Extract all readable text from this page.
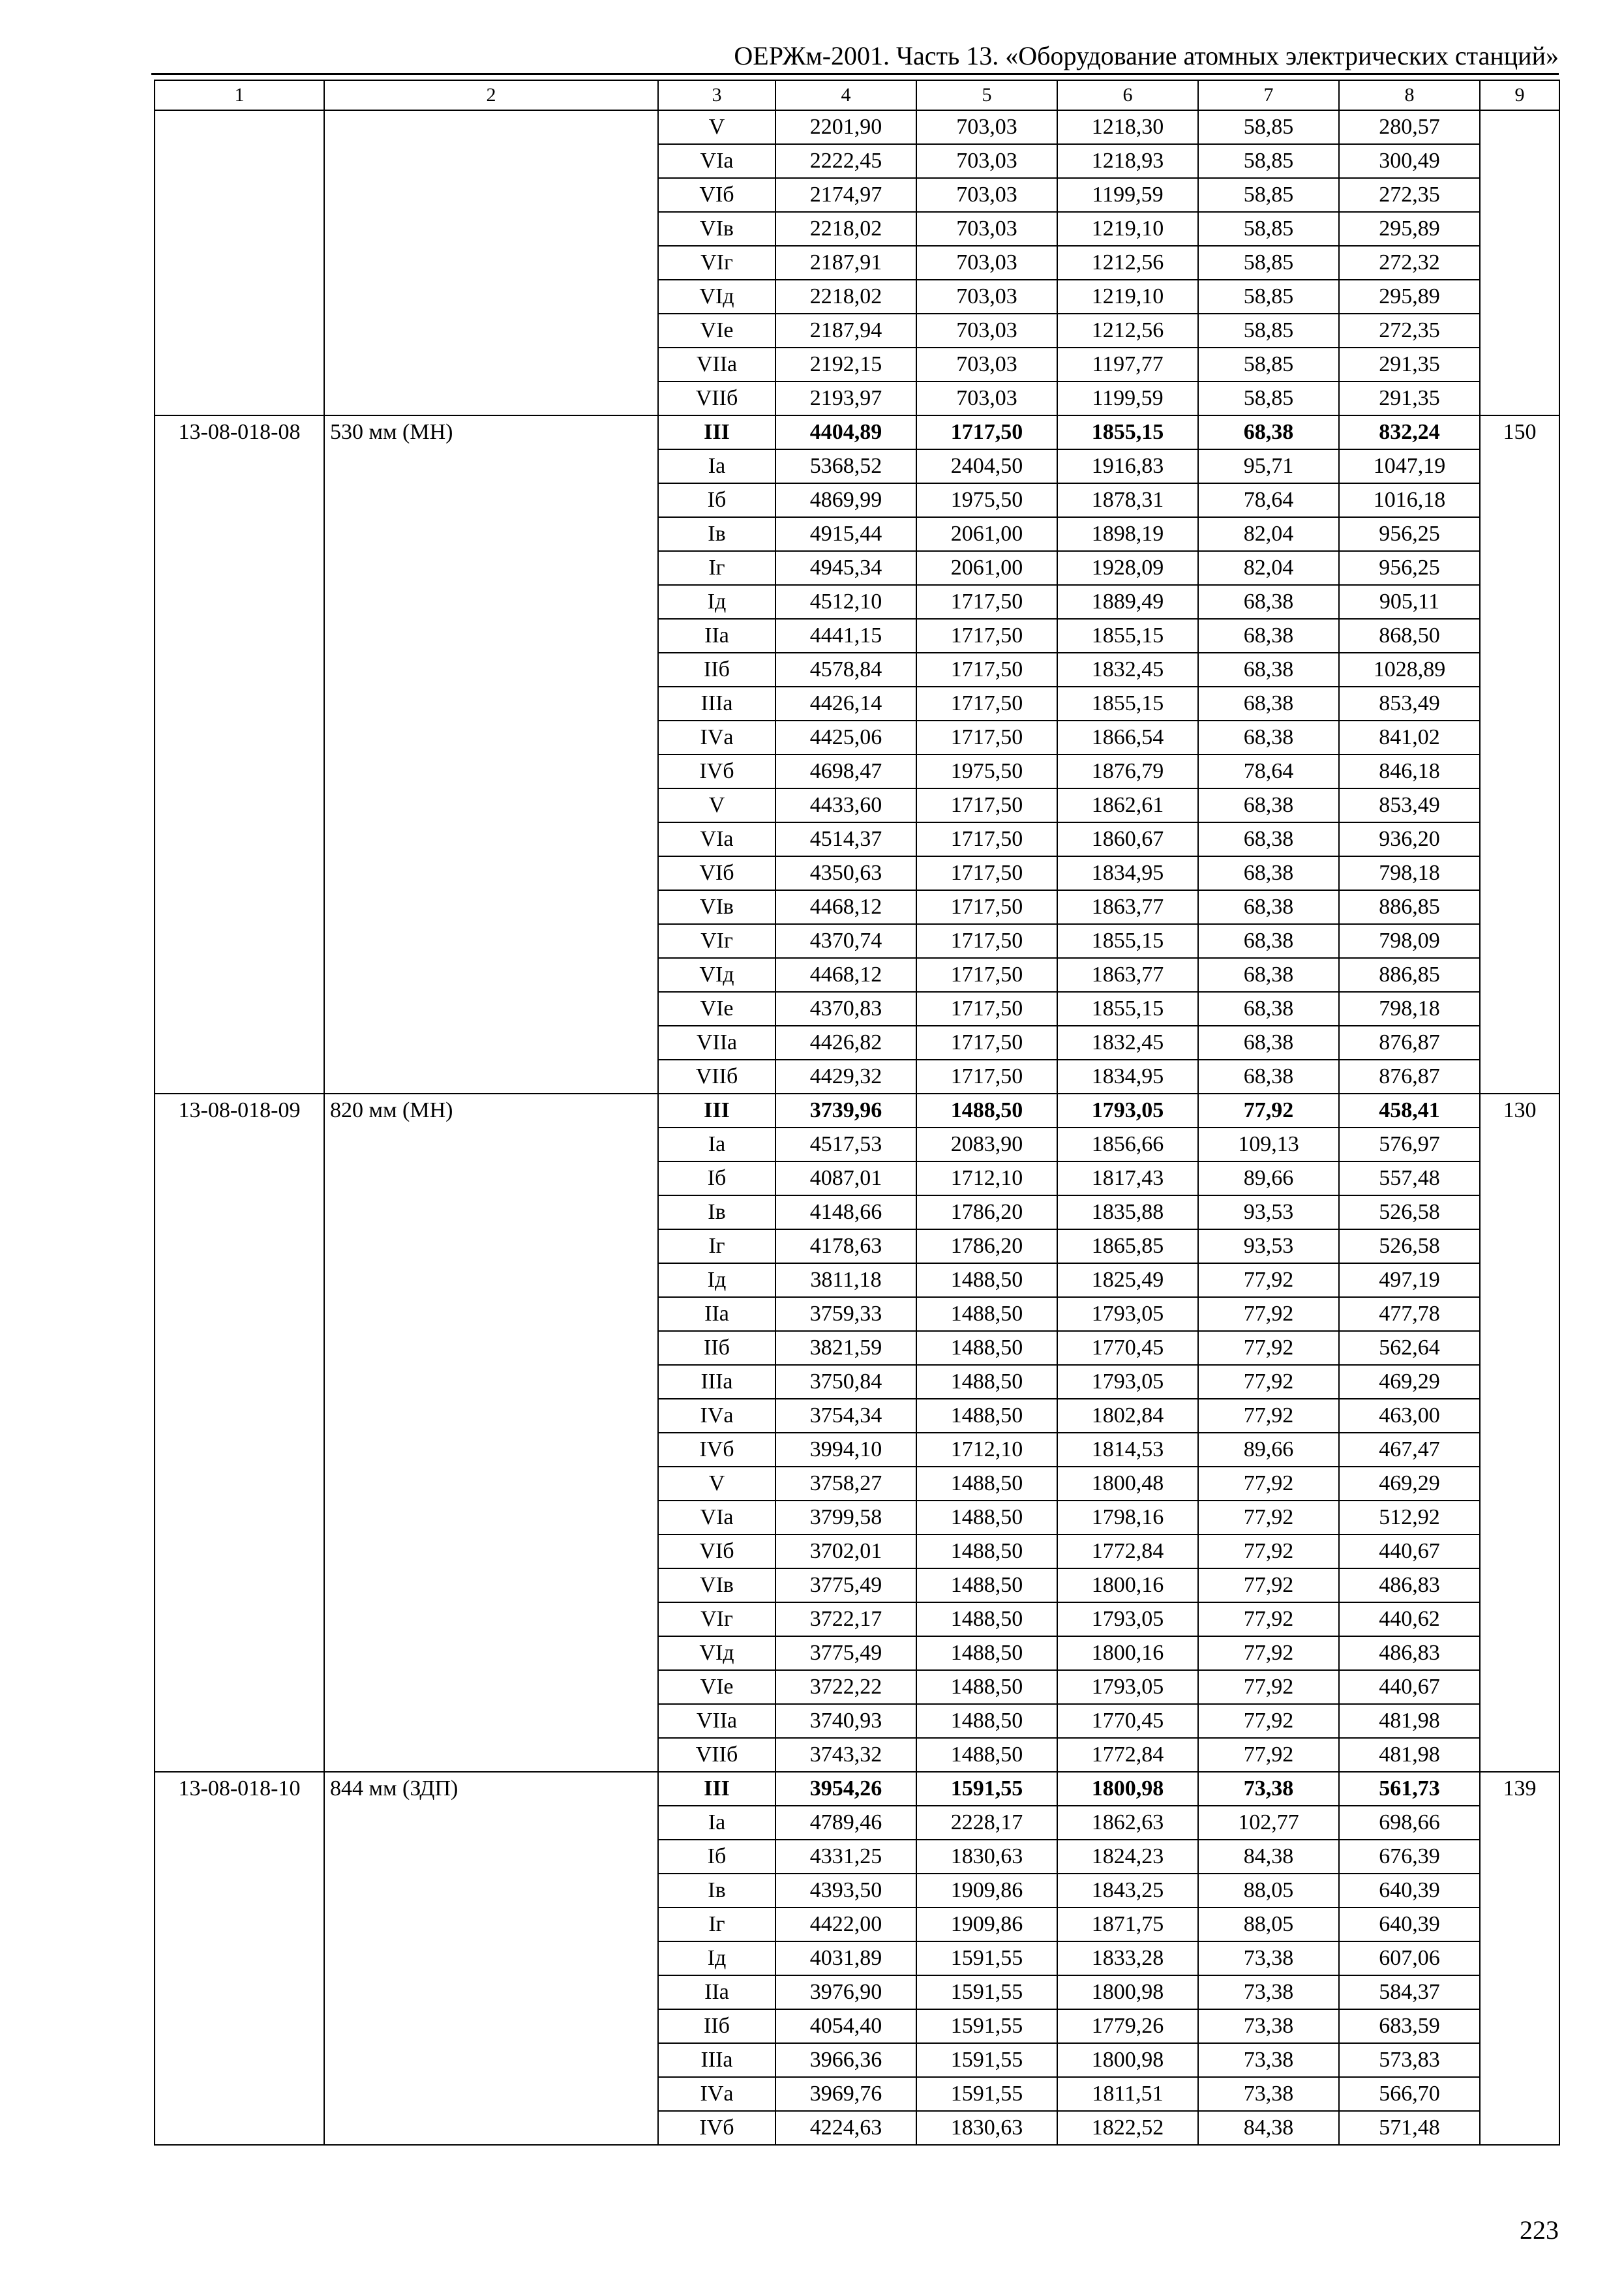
ОЕРЖм-2001. Часть 13. «Оборудование атомных электрических станций»
1	2	3	4	5	6	7	8	9
		V	2201,90	703,03	1218,30	58,85	280,57	
		VIа	2222,45	703,03	1218,93	58,85	300,49	
		VIб	2174,97	703,03	1199,59	58,85	272,35	
		VIв	2218,02	703,03	1219,10	58,85	295,89	
		VIг	2187,91	703,03	1212,56	58,85	272,32	
		VIд	2218,02	703,03	1219,10	58,85	295,89	
		VIе	2187,94	703,03	1212,56	58,85	272,35	
		VIIа	2192,15	703,03	1197,77	58,85	291,35	
		VIIб	2193,97	703,03	1199,59	58,85	291,35	
13-08-018-08	530 мм (МН)	III	4404,89	1717,50	1855,15	68,38	832,24	150
		Iа	5368,52	2404,50	1916,83	95,71	1047,19	
		Iб	4869,99	1975,50	1878,31	78,64	1016,18	
		Iв	4915,44	2061,00	1898,19	82,04	956,25	
		Iг	4945,34	2061,00	1928,09	82,04	956,25	
		Iд	4512,10	1717,50	1889,49	68,38	905,11	
		IIа	4441,15	1717,50	1855,15	68,38	868,50	
		IIб	4578,84	1717,50	1832,45	68,38	1028,89	
		IIIа	4426,14	1717,50	1855,15	68,38	853,49	
		IVа	4425,06	1717,50	1866,54	68,38	841,02	
		IVб	4698,47	1975,50	1876,79	78,64	846,18	
		V	4433,60	1717,50	1862,61	68,38	853,49	
		VIа	4514,37	1717,50	1860,67	68,38	936,20	
		VIб	4350,63	1717,50	1834,95	68,38	798,18	
		VIв	4468,12	1717,50	1863,77	68,38	886,85	
		VIг	4370,74	1717,50	1855,15	68,38	798,09	
		VIд	4468,12	1717,50	1863,77	68,38	886,85	
		VIе	4370,83	1717,50	1855,15	68,38	798,18	
		VIIа	4426,82	1717,50	1832,45	68,38	876,87	
		VIIб	4429,32	1717,50	1834,95	68,38	876,87	
13-08-018-09	820 мм (МН)	III	3739,96	1488,50	1793,05	77,92	458,41	130
		Iа	4517,53	2083,90	1856,66	109,13	576,97	
		Iб	4087,01	1712,10	1817,43	89,66	557,48	
		Iв	4148,66	1786,20	1835,88	93,53	526,58	
		Iг	4178,63	1786,20	1865,85	93,53	526,58	
		Iд	3811,18	1488,50	1825,49	77,92	497,19	
		IIа	3759,33	1488,50	1793,05	77,92	477,78	
		IIб	3821,59	1488,50	1770,45	77,92	562,64	
		IIIа	3750,84	1488,50	1793,05	77,92	469,29	
		IVа	3754,34	1488,50	1802,84	77,92	463,00	
		IVб	3994,10	1712,10	1814,53	89,66	467,47	
		V	3758,27	1488,50	1800,48	77,92	469,29	
		VIа	3799,58	1488,50	1798,16	77,92	512,92	
		VIб	3702,01	1488,50	1772,84	77,92	440,67	
		VIв	3775,49	1488,50	1800,16	77,92	486,83	
		VIг	3722,17	1488,50	1793,05	77,92	440,62	
		VIд	3775,49	1488,50	1800,16	77,92	486,83	
		VIе	3722,22	1488,50	1793,05	77,92	440,67	
		VIIа	3740,93	1488,50	1770,45	77,92	481,98	
		VIIб	3743,32	1488,50	1772,84	77,92	481,98	
13-08-018-10	844 мм (ЗДП)	III	3954,26	1591,55	1800,98	73,38	561,73	139
		Iа	4789,46	2228,17	1862,63	102,77	698,66	
		Iб	4331,25	1830,63	1824,23	84,38	676,39	
		Iв	4393,50	1909,86	1843,25	88,05	640,39	
		Iг	4422,00	1909,86	1871,75	88,05	640,39	
		Iд	4031,89	1591,55	1833,28	73,38	607,06	
		IIа	3976,90	1591,55	1800,98	73,38	584,37	
		IIб	4054,40	1591,55	1779,26	73,38	683,59	
		IIIа	3966,36	1591,55	1800,98	73,38	573,83	
		IVа	3969,76	1591,55	1811,51	73,38	566,70	
		IVб	4224,63	1830,63	1822,52	84,38	571,48	
223
